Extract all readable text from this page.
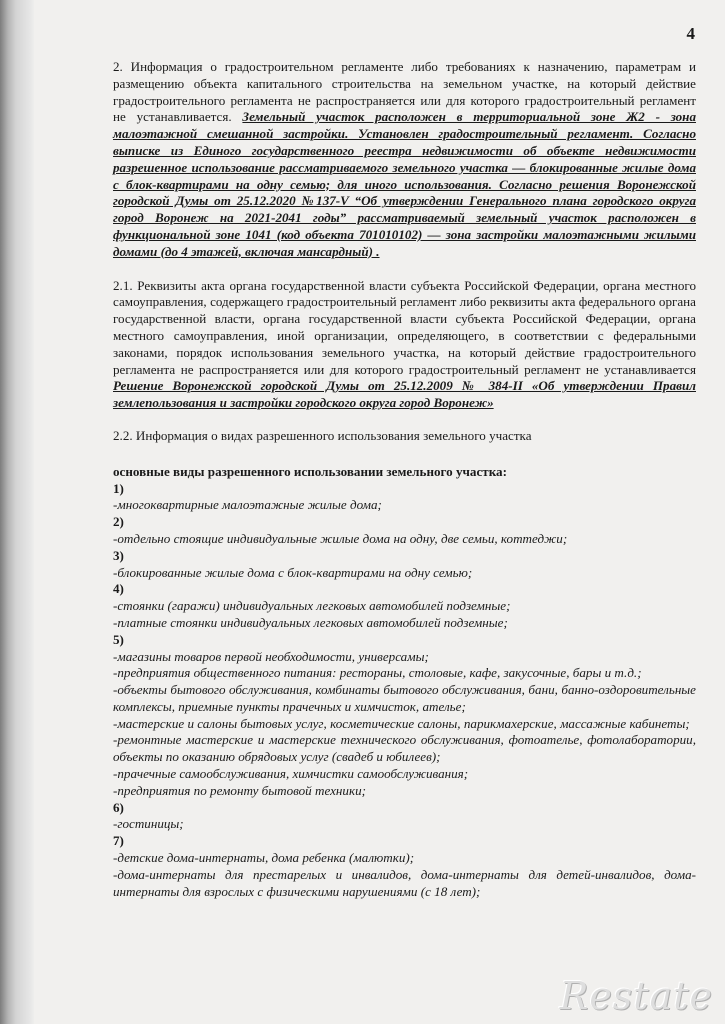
4

2. Информация о градостроительном регламенте либо требованиях к назначению, параметрам и размещению объекта капитального строительства на земельном участке, на который действие градостроительного регламента не распространяется или для которого градостроительный регламент не устанавливается. Земельный участок расположен в территориальной зоне Ж2 - зона малоэтажной смешанной застройки. Установлен градостроительный регламент. Согласно выписке из Единого государственного реестра недвижимости об объекте недвижимости разрешенное использование рассматриваемого земельного участка — блокированные жилые дома с блок-квартирами на одну семью; для иного использования. Согласно решения Воронежской городской Думы от 25.12.2020 №137-V “Об утверждении Генерального плана городского округа город Воронеж на 2021-2041 годы” рассматриваемый земельный участок расположен в функциональной зоне 1041 (код объекта 701010102) — зона застройки малоэтажными жилыми домами (до 4 этажей, включая мансардный) .

2.1. Реквизиты акта органа государственной власти субъекта Российской Федерации, органа местного самоуправления, содержащего градостроительный регламент либо реквизиты акта федерального органа государственной власти, органа государственной власти субъекта Российской Федерации, органа местного самоуправления, иной организации, определяющего, в соответствии с федеральными законами, порядок использования земельного участка, на который действие градостроительного регламента не распространяется или для которого градостроительный регламент не устанавливается Решение Воронежской городской Думы от 25.12.2009 № 384-II «Об утверждении Правил землепользования и застройки городского округа город Воронеж»

2.2. Информация о видах разрешенного использования земельного участка

основные виды разрешенного использовании земельного участка:

1)

-многоквартирные малоэтажные жилые дома;

2)

-отдельно стоящие индивидуальные жилые дома на одну, две семьи, коттеджи;

3)

-блокированные жилые дома с блок-квартирами на одну семью;

4)

-стоянки (гаражи) индивидуальных легковых автомобилей подземные;

-платные стоянки индивидуальных легковых автомобилей подземные;

5)

-магазины товаров первой необходимости, универсамы;

-предприятия общественного питания: рестораны, столовые, кафе, закусочные, бары и т.д.;

-объекты бытового обслуживания, комбинаты бытового обслуживания, бани, банно-оздоровительные комплексы, приемные пункты прачечных и химчисток, ателье;

-мастерские и салоны бытовых услуг, косметические салоны, парикмахерские, массажные кабинеты;

-ремонтные мастерские и мастерские технического обслуживания, фотоателье, фотолаборатории, объекты по оказанию обрядовых услуг (свадеб и юбилеев);

-прачечные самообслуживания, химчистки самообслуживания;

-предприятия по ремонту бытовой техники;

6)

-гостиницы;

7)

-детские дома-интернаты, дома ребенка (малютки);

-дома-интернаты для престарелых и инвалидов, дома-интернаты для детей-инвалидов, дома-интернаты для взрослых с физическими нарушениями (с 18 лет);

Restate
